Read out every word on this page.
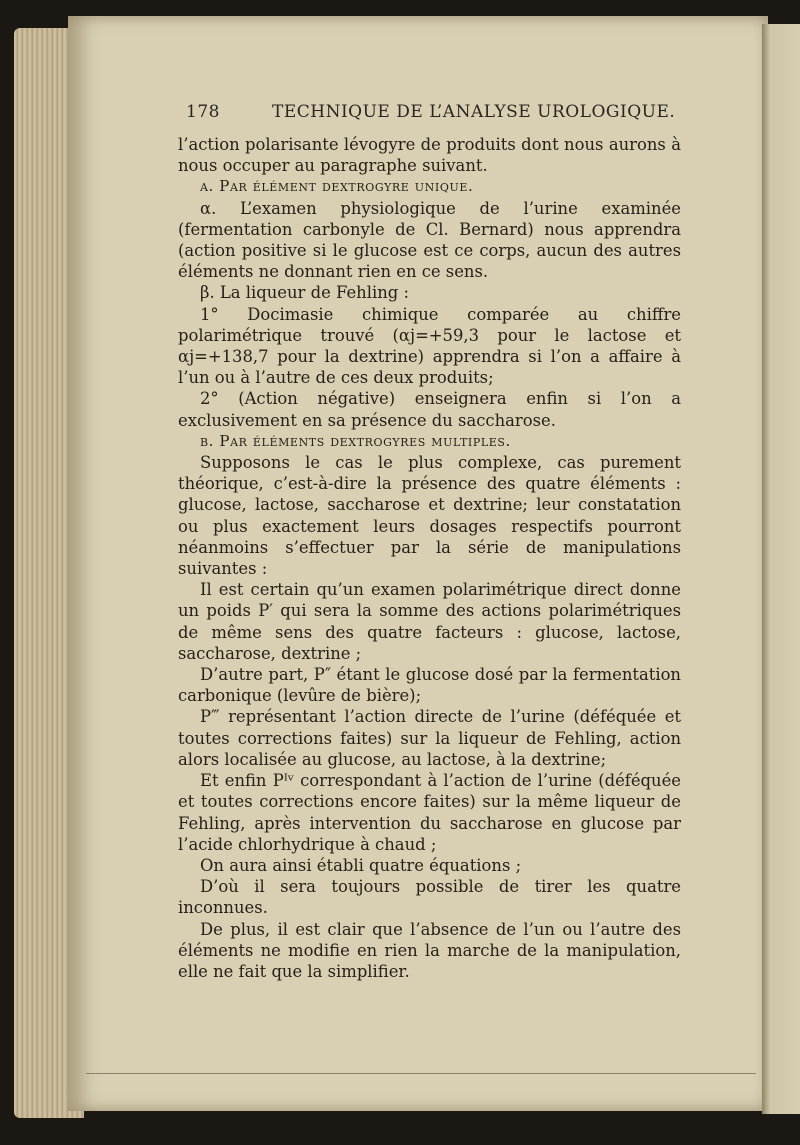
178	TECHNIQUE DE L’ANALYSE UROLOGIQUE.

l’action polarisante lévogyre de produits dont nous aurons à nous occuper au paragraphe suivant.

a. Par élément dextrogyre unique.

α. L’examen physiologique de l’urine examinée (fermentation carbonyle de Cl. Bernard) nous apprendra (action positive si le glucose est ce corps, aucun des autres éléments ne donnant rien en ce sens.

β. La liqueur de Fehling :

1° Docimasie chimique comparée au chiffre polarimétrique trouvé (αj=+59,3 pour le lactose et αj=+138,7 pour la dextrine) apprendra si l’on a affaire à l’un ou à l’autre de ces deux produits;

2° (Action négative) enseignera enfin si l’on a exclusivement en sa présence du saccharose.

b. Par éléments dextrogyres multiples.

Supposons le cas le plus complexe, cas purement théorique, c’est-à-dire la présence des quatre éléments : glucose, lactose, saccharose et dextrine; leur constatation ou plus exactement leurs dosages respectifs pourront néanmoins s’effectuer par la série de manipulations suivantes :

Il est certain qu’un examen polarimétrique direct donne un poids P′ qui sera la somme des actions polarimétriques de même sens des quatre facteurs : glucose, lactose, saccharose, dextrine ;

D’autre part, P″ étant le glucose dosé par la fermentation carbonique (levûre de bière);

P‴ représentant l’action directe de l’urine (déféquée et toutes corrections faites) sur la liqueur de Fehling, action alors localisée au glucose, au lactose, à la dextrine;

Et enfin Pᴵᵛ correspondant à l’action de l’urine (déféquée et toutes corrections encore faites) sur la même liqueur de Fehling, après intervention du saccharose en glucose par l’acide chlorhydrique à chaud ;

On aura ainsi établi quatre équations ;

D’où il sera toujours possible de tirer les quatre inconnues.

De plus, il est clair que l’absence de l’un ou l’autre des éléments ne modifie en rien la marche de la manipulation, elle ne fait que la simplifier.
